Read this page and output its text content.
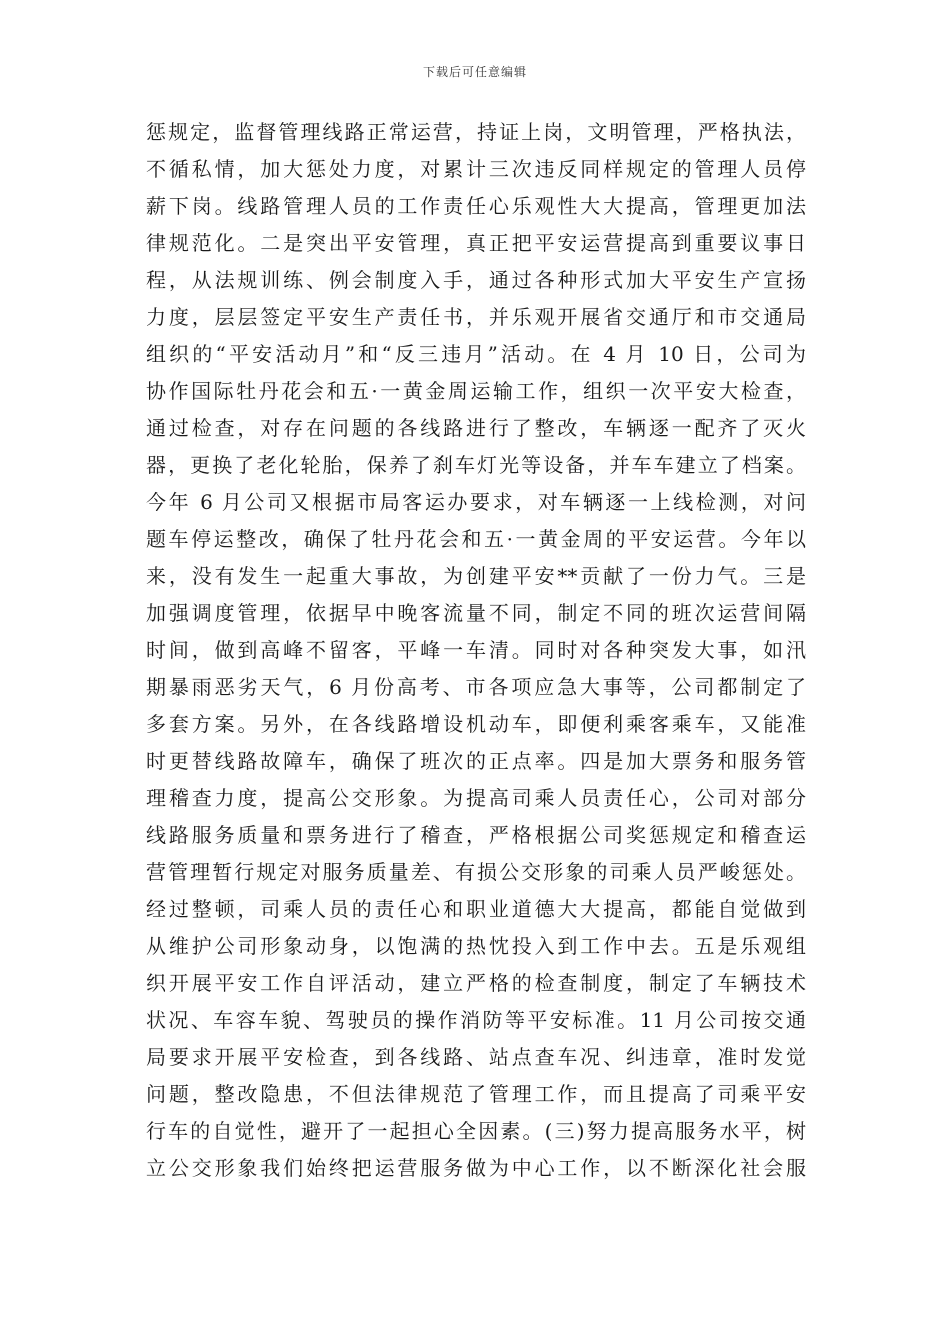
下载后可任意编辑
惩规定，监督管理线路正常运营，持证上岗，文明管理，严格执法，
不循私情，加大惩处力度，对累计三次违反同样规定的管理人员停
薪下岗。线路管理人员的工作责任心乐观性大大提高，管理更加法
律规范化。二是突出平安管理，真正把平安运营提高到重要议事日
程，从法规训练、例会制度入手，通过各种形式加大平安生产宣扬
力度，层层签定平安生产责任书，并乐观开展省交通厅和市交通局
组织的“平安活动月”和“反三违月”活动。在 4 月 10 日，公司为
协作国际牡丹花会和五·一黄金周运输工作，组织一次平安大检查，
通过检查，对存在问题的各线路进行了整改，车辆逐一配齐了灭火
器，更换了老化轮胎，保养了刹车灯光等设备，并车车建立了档案。
今年 6 月公司又根据市局客运办要求，对车辆逐一上线检测，对问
题车停运整改，确保了牡丹花会和五·一黄金周的平安运营。今年以
来，没有发生一起重大事故，为创建平安**贡献了一份力气。三是
加强调度管理，依据早中晚客流量不同，制定不同的班次运营间隔
时间，做到高峰不留客，平峰一车清。同时对各种突发大事，如汛
期暴雨恶劣天气，6 月份高考、市各项应急大事等，公司都制定了
多套方案。另外，在各线路增设机动车，即便利乘客乘车，又能准
时更替线路故障车，确保了班次的正点率。四是加大票务和服务管
理稽查力度，提高公交形象。为提高司乘人员责任心，公司对部分
线路服务质量和票务进行了稽查，严格根据公司奖惩规定和稽查运
营管理暂行规定对服务质量差、有损公交形象的司乘人员严峻惩处。
经过整顿，司乘人员的责任心和职业道德大大提高，都能自觉做到
从维护公司形象动身，以饱满的热忱投入到工作中去。五是乐观组
织开展平安工作自评活动，建立严格的检查制度，制定了车辆技术
状况、车容车貌、驾驶员的操作消防等平安标准。11 月公司按交通
局要求开展平安检查，到各线路、站点查车况、纠违章，准时发觉
问题，整改隐患，不但法律规范了管理工作，而且提高了司乘平安
行车的自觉性，避开了一起担心全因素。(三)努力提高服务水平，树
立公交形象我们始终把运营服务做为中心工作，以不断深化社会服
